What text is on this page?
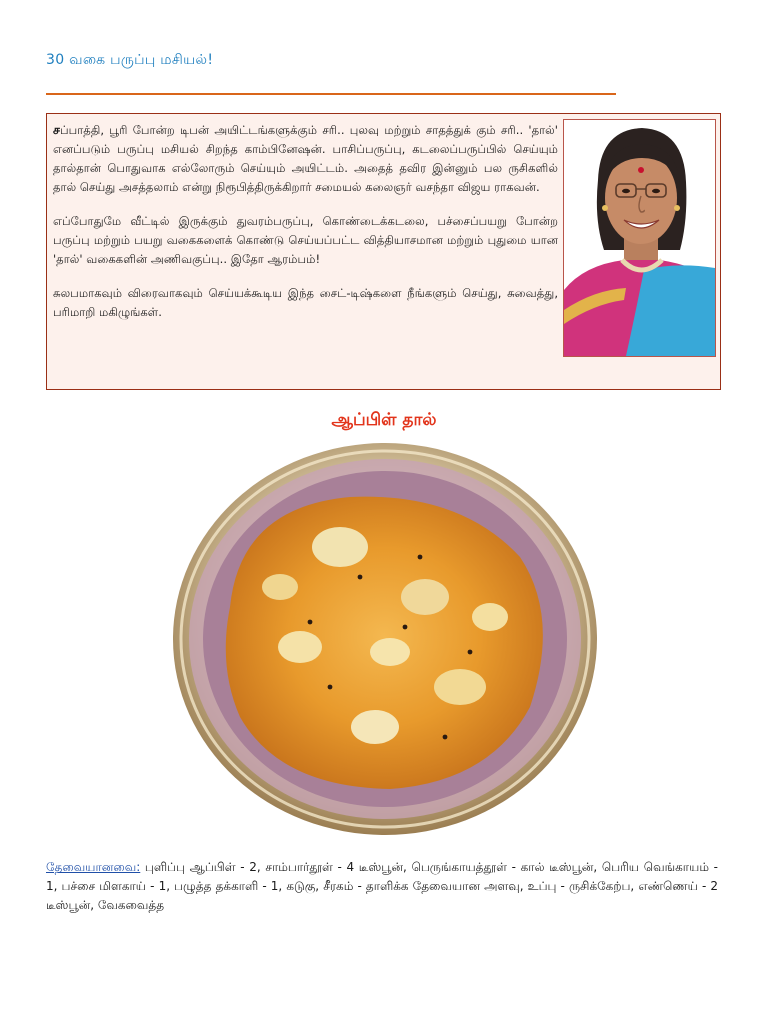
30 வகை பருப்பு மசியல்!

சப்பாத்தி, பூரி போன்ற டிபன் அயிட்டங்களுக்கும் சரி.. புலவு மற்றும் சாதத்துக் கும் சரி.. 'தால்' எனப்படும் பருப்பு மசியல் சிறந்த காம்பினேஷன். பாசிப்பருப்பு, கடலைப்பருப்பில் செய்யும் தால்தான் பொதுவாக எல்லோரும் செய்யும் அயிட்டம். அதைத் தவிர இன்னும் பல ருசிகளில் தால் செய்து அசத்தலாம் என்று நிரூபித்திருக்கிறார் சமையல் கலைஞர் வசந்தா விஜய ராகவன்.

எப்போதுமே வீட்டில் இருக்கும் துவரம்பருப்பு, கொண்டைக்கடலை, பச்சைப்பயறு போன்ற பருப்பு மற்றும் பயறு வகைகளைக் கொண்டு செய்யப்பட்ட வித்தியாசமான மற்றும் புதுமை யான 'தால்' வகைகளின் அணிவகுப்பு.. இதோ ஆரம்பம்!

சுலபமாகவும் விரைவாகவும் செய்யக்கூடிய இந்த சைட்-டிஷ்களை நீங்களும் செய்து, சுவைத்து, பரிமாறி மகிழுங்கள்.

ஆப்பிள் தால்
தேவையானவை: புளிப்பு ஆப்பிள் - 2, சாம்பார்தூள் - 4 டீஸ்பூன், பெருங்காயத்தூள் - கால் டீஸ்பூன், பெரிய வெங்காயம் - 1, பச்சை மிளகாய் - 1, பழுத்த தக்காளி - 1, கடுகு, சீரகம் - தாளிக்க தேவையான அளவு, உப்பு - ருசிக்கேற்ப, எண்ணெய் - 2 டீஸ்பூன், வேகவைத்த
